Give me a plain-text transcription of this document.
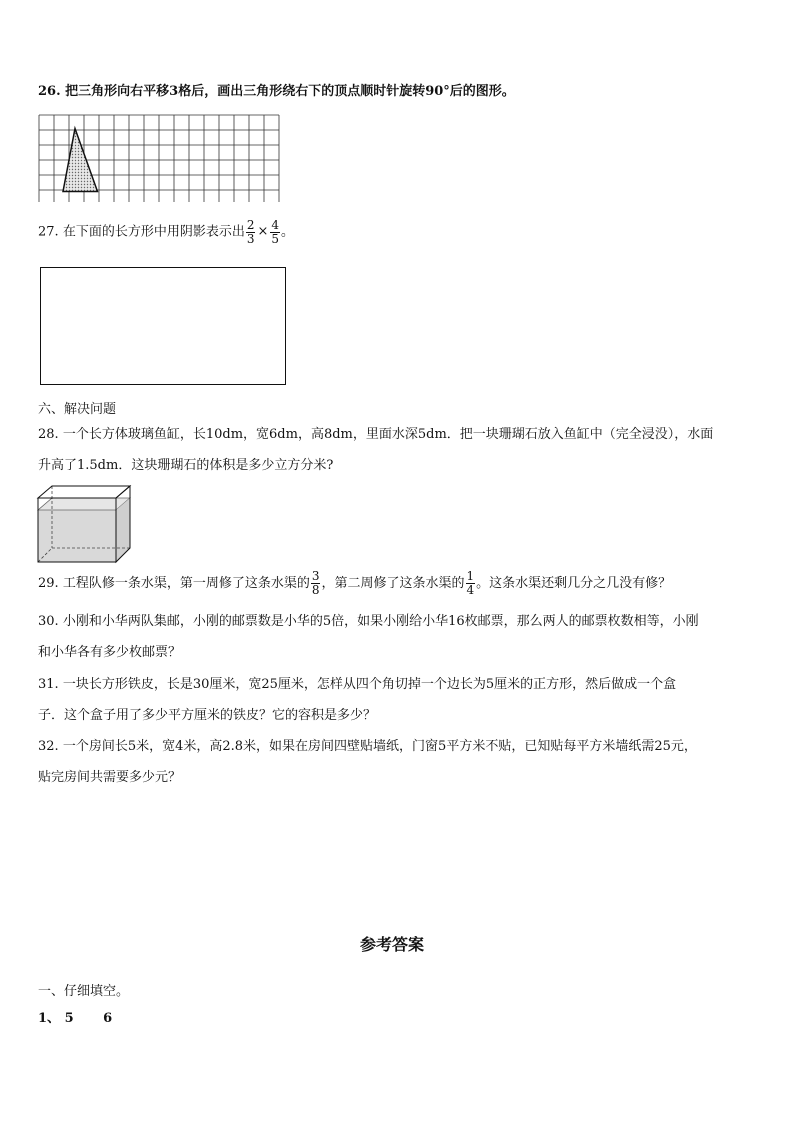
26. 把三角形向右平移3格后，画出三角形绕右下的顶点顺时针旋转90°后的图形。
27. 在下面的长方形中用阴影表示出 $\frac{2}{3} \times \frac{4}{5}$ 。
六、解决问题
28. 一个长方体玻璃鱼缸，长10dm，宽6dm，高8dm，里面水深5dm．把一块珊瑚石放入鱼缸中（完全浸没），水面
升高了1.5dm．这块珊瑚石的体积是多少立方分米?
29. 工程队修一条水渠，第一周修了这条水渠的 $\frac{3}{8}$ ，第二周修了这条水渠的 $\frac{1}{4}$ 。这条水渠还剩几分之几没有修？
30. 小刚和小华两队集邮，小刚的邮票数是小华的5倍，如果小刚给小华16枚邮票，那么两人的邮票枚数相等，小刚
和小华各有多少枚邮票？
31. 一块长方形铁皮，长是30厘米，宽25厘米，怎样从四个角切掉一个边长为5厘米的正方形，然后做成一个盒
子．这个盒子用了多少平方厘米的铁皮？它的容积是多少？
32. 一个房间长5米，宽4米，高2.8米，如果在房间四壁贴墙纸，门窗5平方米不贴，已知贴每平方米墙纸需25元，
贴完房间共需要多少元？
参考答案
一、仔细填空。
1、 5 6
